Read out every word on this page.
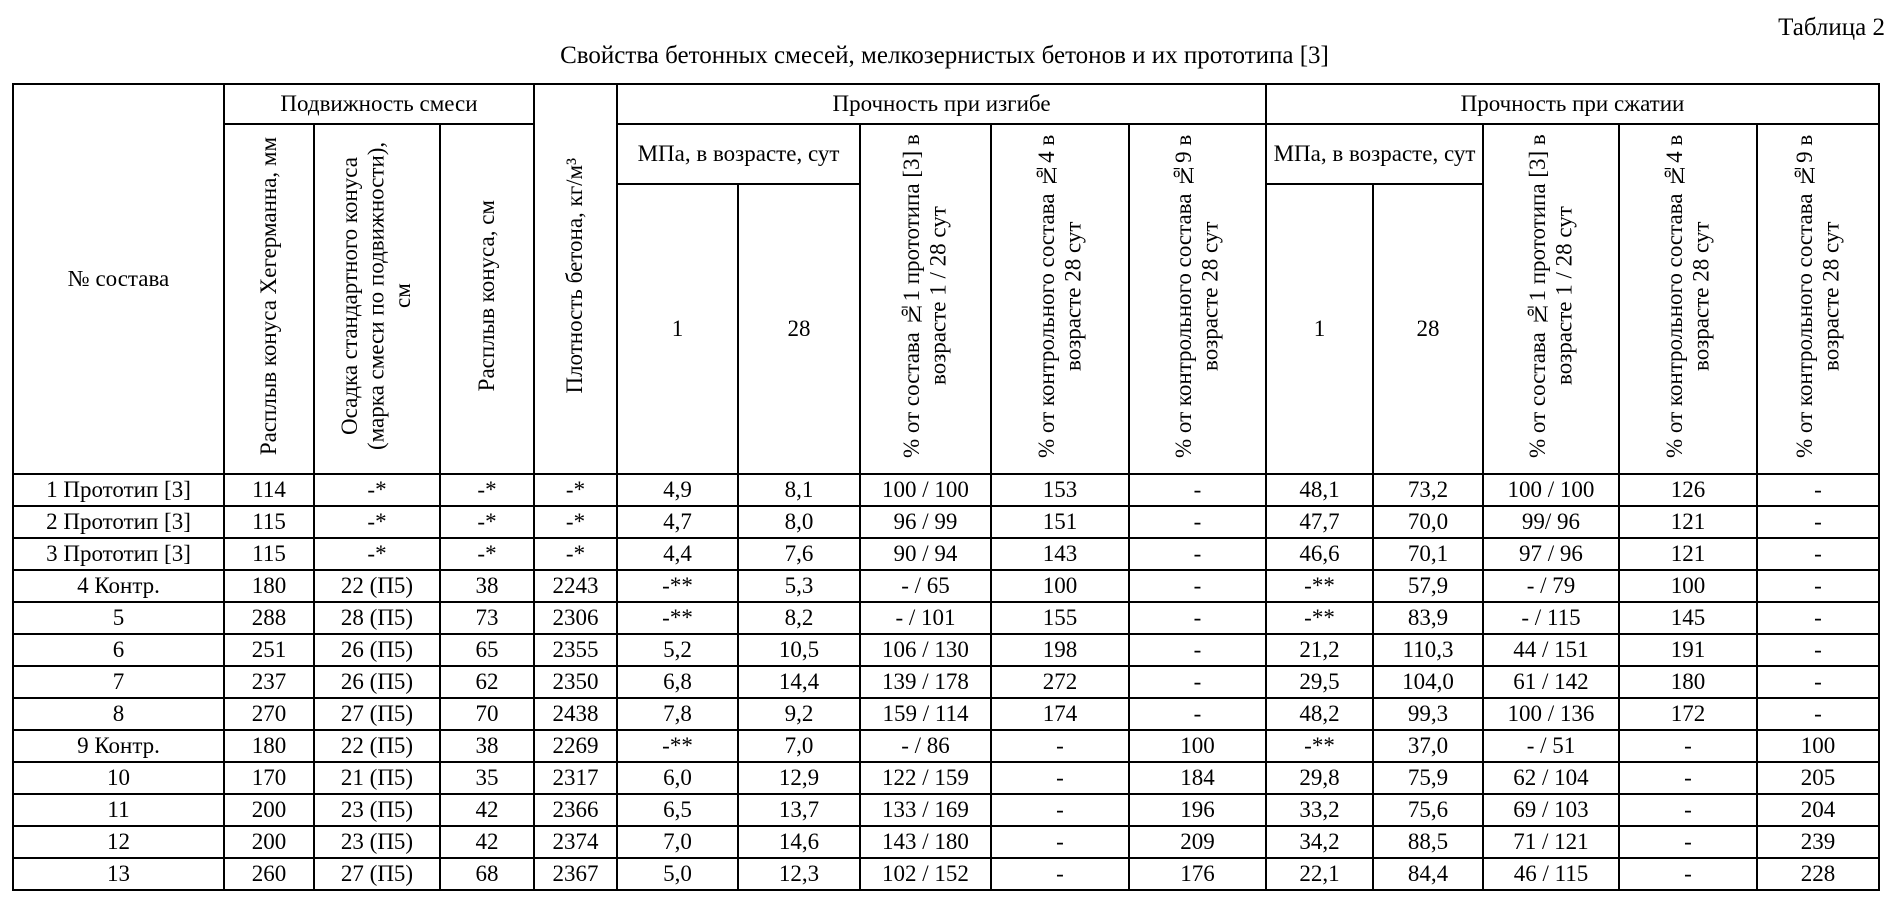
Таблица 2
Свойства бетонных смесей, мелкозернистых бетонов и их прототипа [3]
№ состава	Подвижность смеси			Плотность бетона, кг/м³	Прочность при изгибе					Прочность при сжатии				
	Расплыв конуса Хегерманна, мм	Осадка стандартного конуса (марка смеси по подвижности), см	Расплыв конуса, см		МПа, в возрасте, сут		% от состава №1 прототипа [3] в возрасте 1 / 28 сут	% от контрольного состава №4 в возрасте 28 сут	% от контрольного состава №9 в возрасте 28 сут	МПа, в возрасте, сут		% от состава №1 прототипа [3] в возрасте 1 / 28 сут	% от контрольного состава №4 в возрасте 28 сут	% от контрольного состава №9 в возрасте 28 сут
					1	28				1	28			
1 Прототип [3]	114	-*	-*	-*	4,9	8,1	100 / 100	153	-	48,1	73,2	100 / 100	126	-
2 Прототип [3]	115	-*	-*	-*	4,7	8,0	96 / 99	151	-	47,7	70,0	99/ 96	121	-
3 Прототип [3]	115	-*	-*	-*	4,4	7,6	90 / 94	143	-	46,6	70,1	97 / 96	121	-
4 Контр.	180	22 (П5)	38	2243	-**	5,3	- / 65	100	-	-**	57,9	- / 79	100	-
5	288	28 (П5)	73	2306	-**	8,2	- / 101	155	-	-**	83,9	- / 115	145	-
6	251	26 (П5)	65	2355	5,2	10,5	106 / 130	198	-	21,2	110,3	44 / 151	191	-
7	237	26 (П5)	62	2350	6,8	14,4	139 / 178	272	-	29,5	104,0	61 / 142	180	-
8	270	27 (П5)	70	2438	7,8	9,2	159 / 114	174	-	48,2	99,3	100 / 136	172	-
9 Контр.	180	22 (П5)	38	2269	-**	7,0	- / 86	-	100	-**	37,0	- / 51	-	100
10	170	21 (П5)	35	2317	6,0	12,9	122 / 159	-	184	29,8	75,9	62 / 104	-	205
11	200	23 (П5)	42	2366	6,5	13,7	133 / 169	-	196	33,2	75,6	69 / 103	-	204
12	200	23 (П5)	42	2374	7,0	14,6	143 / 180	-	209	34,2	88,5	71 / 121	-	239
13	260	27 (П5)	68	2367	5,0	12,3	102 / 152	-	176	22,1	84,4	46 / 115	-	228
